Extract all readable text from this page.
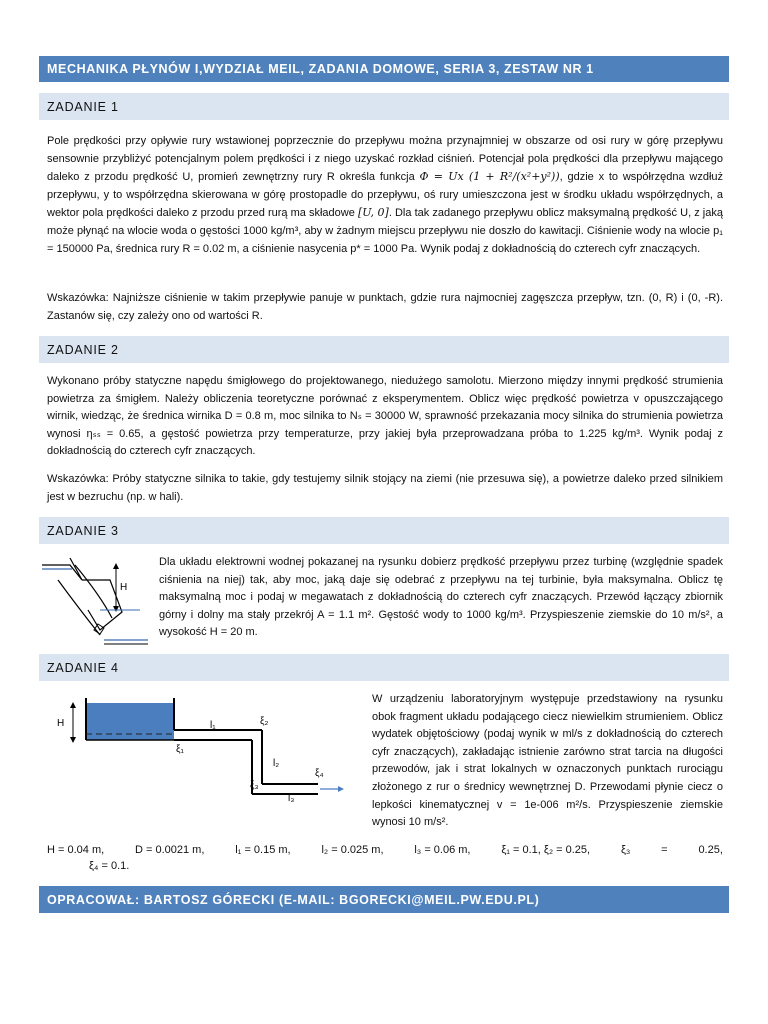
MECHANIKA PŁYNÓW I,WYDZIAŁ MEIL, ZADANIA DOMOWE, SERIA 3, ZESTAW NR 1
ZADANIE 1
Pole prędkości przy opływie rury wstawionej poprzecznie do przepływu można przynajmniej w obszarze od osi rury w górę przepływu sensownie przybliżyć potencjalnym polem prędkości i z niego uzyskać rozkład ciśnień. Potencjał pola prędkości dla przepływu mającego daleko z przodu prędkość U, promień zewnętrzny rury R określa funkcja Φ = Ux (1 + R²/(x²+y²)), gdzie x to współrzędna wzdłuż przepływu, y to współrzędna skierowana w górę prostopadle do przepływu, oś rury umieszczona jest w środku układu współrzędnych, a wektor pola prędkości daleko z przodu przed rurą ma składowe [U, 0]. Dla tak zadanego przepływu oblicz maksymalną prędkość U, z jaką może płynąć na wlocie woda o gęstości 1000 kg/m³, aby w żadnym miejscu przepływu nie doszło do kawitacji. Ciśnienie wody na wlocie p₁ = 150000 Pa, średnica rury R = 0.02 m, a ciśnienie nasycenia p* = 1000 Pa. Wynik podaj z dokładnością do czterech cyfr znaczących.
Wskazówka: Najniższe ciśnienie w takim przepływie panuje w punktach, gdzie rura najmocniej zagęszcza przepływ, tzn. (0, R) i (0, -R). Zastanów się, czy zależy ono od wartości R.
ZADANIE 2
Wykonano próby statyczne napędu śmigłowego do projektowanego, niedużego samolotu. Mierzono między innymi prędkość strumienia powietrza za śmigłem. Należy obliczenia teoretyczne porównać z eksperymentem. Oblicz więc prędkość powietrza v opuszczającego wirnik, wiedząc, że średnica wirnika D = 0.8 m, moc silnika to Nₛ = 30000 W, sprawność przekazania mocy silnika do strumienia powietrza wynosi ηₛₛ = 0.65, a gęstość powietrza przy temperaturze, przy jakiej była przeprowadzana próba to 1.225 kg/m³. Wynik podaj z dokładnością do czterech cyfr znaczących.
Wskazówka: Próby statyczne silnika to takie, gdy testujemy silnik stojący na ziemi (nie przesuwa się), a powietrze daleko przed silnikiem jest w bezruchu (np. w hali).
ZADANIE 3
H
Dla układu elektrowni wodnej pokazanej na rysunku dobierz prędkość przepływu przez turbinę (względnie spadek ciśnienia na niej) tak, aby moc, jaką daje się odebrać z przepływu na tej turbinie, była maksymalna. Oblicz tę maksymalną moc i podaj w megawatach z dokładnością do czterech cyfr znaczących. Przewód łączący zbiornik górny i dolny ma stały przekrój A = 1.1 m². Gęstość wody to 1000 kg/m³. Przyspieszenie ziemskie do 10 m/s², a wysokość H = 20 m.
ZADANIE 4
H	l₁
ξ₁
ξ₂
l₂
ξ₃
ξ₄
l₃
W urządzeniu laboratoryjnym występuje przedstawiony na rysunku obok fragment układu podającego ciecz niewielkim strumieniem. Oblicz wydatek objętościowy (podaj wynik w ml/s z dokładnością do czterech cyfr znaczących), zakładając istnienie zarówno strat tarcia na długości przewodów, jak i strat lokalnych w oznaczonych punktach rurociągu złożonego z rur o średnicy wewnętrznej D. Przewodami płynie ciecz o lepkości kinematycznej v = 1e-006 m²/s. Przyspieszenie ziemskie wynosi 10 m/s².
H = 0.04 m,	D = 0.0021 m,	l₁ = 0.15 m,	l₂ = 0.025 m,	l₃ = 0.06 m,	ξ₁ = 0.1, ξ₂ = 0.25,	ξ₃	=	0.25,
ξ₄ = 0.1.
OPRACOWAŁ: BARTOSZ GÓRECKI (E-MAIL: BGORECKI@MEIL.PW.EDU.PL)
